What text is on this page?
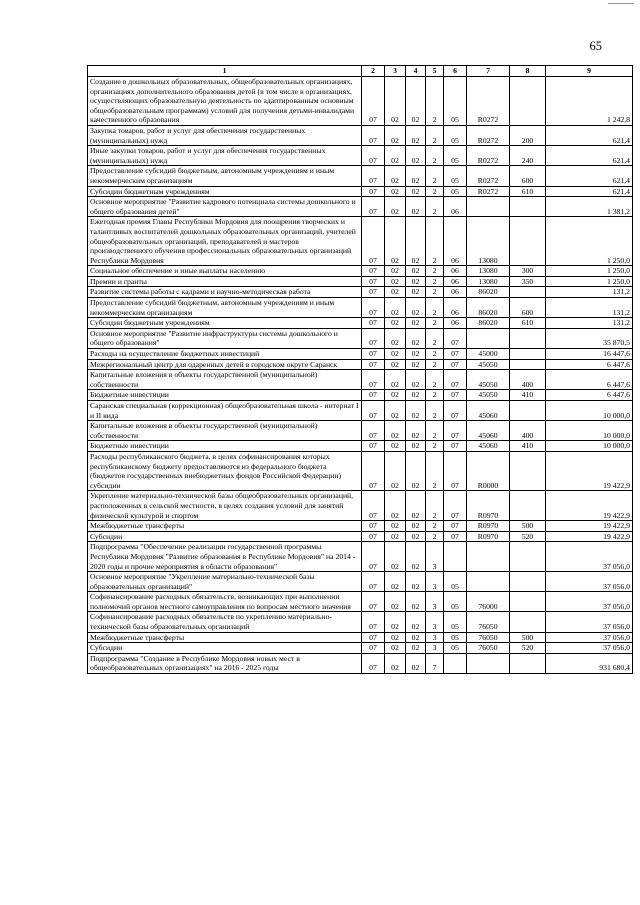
65
1	2	3	4	5	6	7	8	9
Создание в дошкольных образовательных, общеобразовательных организациях, организациях дополнительного образования детей (в том числе в организациях, осуществляющих образовательную деятельность по адаптированным основным общеобразовательным программам) условий для получения детьми-инвалидами качественного образования	07	02	02	2	05	R0272		1 242,8
Закупка товаров, работ и услуг для обеспечения государственных (муниципальных) нужд	07	02	02	2	05	R0272	200	621,4
Иные закупки товаров, работ и услуг для обеспечения государственных (муниципальных) нужд	07	02	02	2	05	R0272	240	621,4
Предоставление субсидий бюджетным, автономным учреждениям и иным некоммерческим организациям	07	02	02	2	05	R0272	600	621,4
Субсидии бюджетным учреждениям	07	02	02	2	05	R0272	610	621,4
Основное мероприятие "Развитие кадрового потенциала системы дошкольного и общего образования детей"	07	02	02	2	06			1 381,2
Ежегодная премия Главы Республики Мордовия для поощрения творческих и талантливых воспитателей дошкольных образовательных организаций, учителей общеобразовательных организаций, преподавателей и мастеров производственного обучения профессиональных образовательных организаций Республики Мордовия	07	02	02	2	06	13080		1 250,0
Социальное обеспечение и иные выплаты населению	07	02	02	2	06	13080	300	1 250,0
Премии и гранты	07	02	02	2	06	13080	350	1 250,0
Развитие системы работы с кадрами и научно-методическая работа	07	02	02	2	06	86020		131,2
Предоставление субсидий бюджетным, автономным учреждениям и иным некоммерческим организациям	07	02	02	2	06	86020	600	131,2
Субсидии бюджетным учреждениям	07	02	02	2	06	86020	610	131,2
Основное мероприятие "Развитие инфраструктуры системы дошкольного и общего образования"	07	02	02	2	07			35 870,5
Расходы на осуществление бюджетных инвестиций	07	02	02	2	07	45000		16 447,6
Межрегиональный центр для одаренных детей в городском округе Саранск	07	02	02	2	07	45050		6 447,6
Капитальные вложения в объекты государственной (муниципальной) собственности	07	02	02	2	07	45050	400	6 447,6
Бюджетные инвестиции	07	02	02	2	07	45050	410	6 447,6
Саранская специальная (коррекционная) общеобразовательная школа - интернат I и II вида	07	02	02	2	07	45060		10 000,0
Капитальные вложения в объекты государственной (муниципальной) собственности	07	02	02	2	07	45060	400	10 000,0
Бюджетные инвестиции	07	02	02	2	07	45060	410	10 000,0
Расходы республиканского бюджета, в целях софинансирования которых республиканскому бюджету предоставляются из федерального бюджета (бюджетов государственных внебюджетных фондов Российской Федерации) субсидии	07	02	02	2	07	R0000		19 422,9
Укрепление материально-технической базы общеобразовательных организаций, расположенных в сельской местности, в целях создания условий для занятий физической культурой и спортом	07	02	02	2	07	R0970		19 422,9
Межбюджетные трансферты	07	02	02	2	07	R0970	500	19 422,9
Субсидии	07	02	02	2	07	R0970	520	19 422,9
Подпрограмма "Обеспечение реализации государственной программы Республики Мордовия "Развитие образования в Республике Мордовия" на 2014 - 2020 годы и прочие мероприятия в области образования"	07	02	02	3				37 056,0
Основное мероприятие "Укрепление материально-технической базы образовательных организаций"	07	02	02	3	05			37 056,0
Софинансирование расходных обязательств, возникающих при выполнении полномочий органов местного самоуправления по вопросам местного значения	07	02	02	3	05	76000		37 056,0
Софинансирование расходных обязательств по укреплению материально-технической базы образовательных организаций	07	02	02	3	05	76050		37 056,0
Межбюджетные трансферты	07	02	02	3	05	76050	500	37 056,0
Субсидии	07	02	02	3	05	76050	520	37 056,0
Подпрограмма "Создание в Республике Мордовия новых мест в общеобразовательных организациях" на 2016 - 2025 годы	07	02	02	7				931 680,4
